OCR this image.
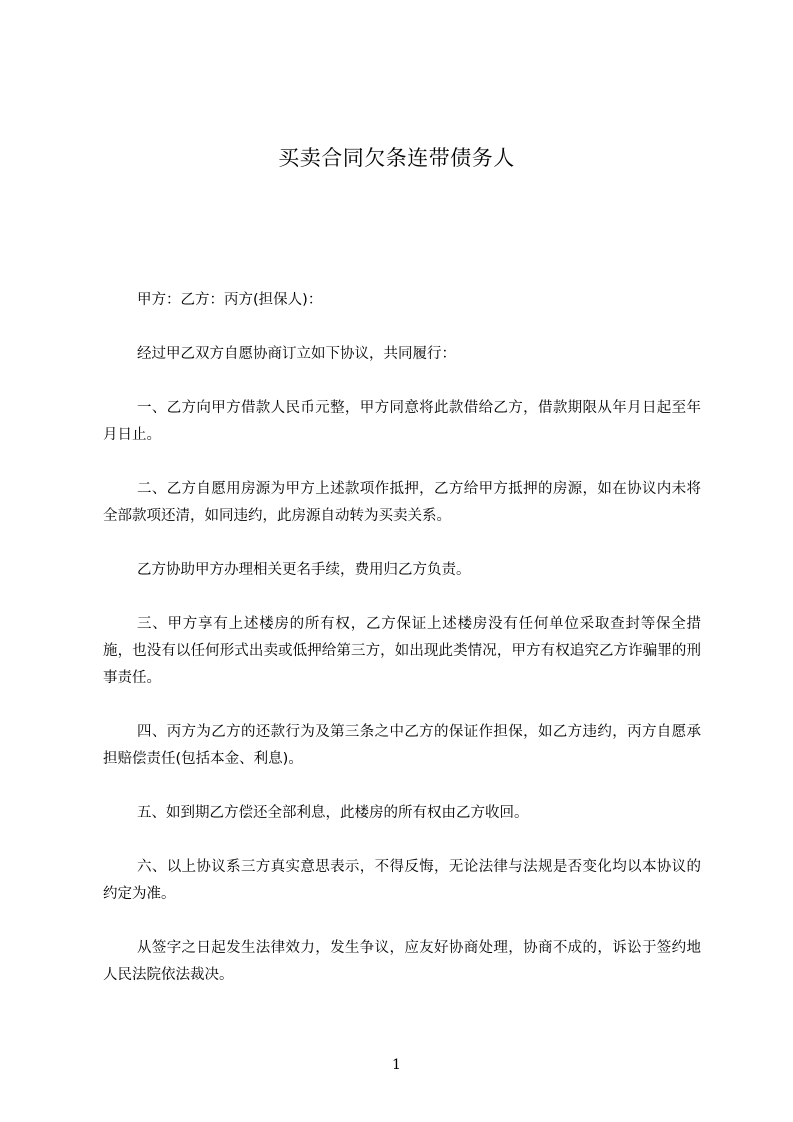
买卖合同欠条连带债务人

甲方：乙方：丙方(担保人)：

经过甲乙双方自愿协商订立如下协议，共同履行：

一、乙方向甲方借款人民币元整，甲方同意将此款借给乙方，借款期限从年月日起至年月日止。

二、乙方自愿用房源为甲方上述款项作抵押，乙方给甲方抵押的房源，如在协议内未将全部款项还清，如同违约，此房源自动转为买卖关系。

乙方协助甲方办理相关更名手续，费用归乙方负责。

三、甲方享有上述楼房的所有权，乙方保证上述楼房没有任何单位采取查封等保全措施，也没有以任何形式出卖或低押给第三方，如出现此类情况，甲方有权追究乙方诈骗罪的刑事责任。

四、丙方为乙方的还款行为及第三条之中乙方的保证作担保，如乙方违约，丙方自愿承担赔偿责任(包括本金、利息)。

五、如到期乙方偿还全部利息，此楼房的所有权由乙方收回。

六、以上协议系三方真实意思表示，不得反悔，无论法律与法规是否变化均以本协议的约定为准。

从签字之日起发生法律效力，发生争议，应友好协商处理，协商不成的，诉讼于签约地人民法院依法裁决。

1
